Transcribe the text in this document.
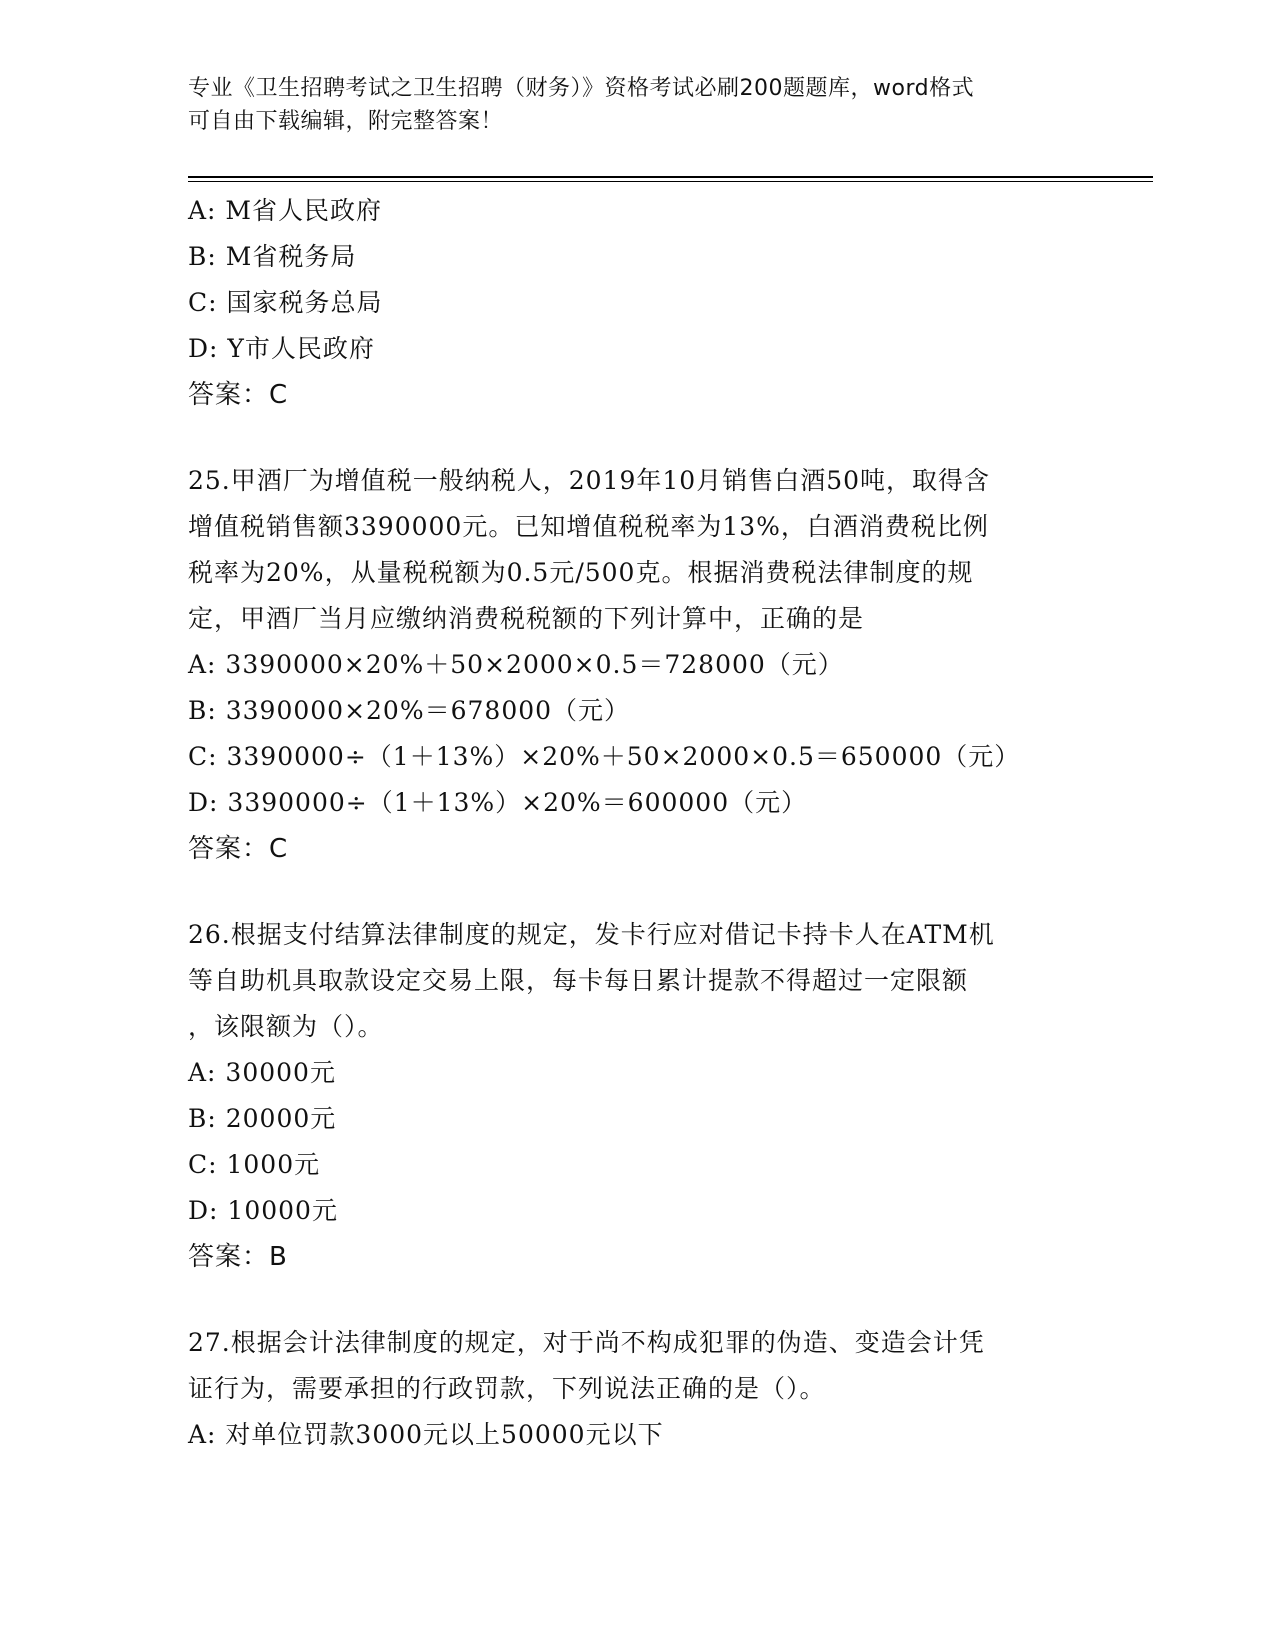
专业《卫生招聘考试之卫生招聘（财务）》资格考试必刷200题题库，word格式
可自由下载编辑，附完整答案！
A: M省人民政府
B: M省税务局
C: 国家税务总局
D: Y市人民政府
答案：C
25.甲酒厂为增值税一般纳税人，2019年10月销售白酒50吨，取得含
增值税销售额3390000元。已知增值税税率为13%，白酒消费税比例
税率为20%，从量税税额为0.5元/500克。根据消费税法律制度的规
定，甲酒厂当月应缴纳消费税税额的下列计算中，正确的是
A: 3390000×20%＋50×2000×0.5＝728000（元）
B: 3390000×20%＝678000（元）
C: 3390000÷（1＋13%）×20%＋50×2000×0.5＝650000（元）
D: 3390000÷（1＋13%）×20%＝600000（元）
答案：C
26.根据支付结算法律制度的规定，发卡行应对借记卡持卡人在ATM机
等自助机具取款设定交易上限，每卡每日累计提款不得超过一定限额
，该限额为（）。
A: 30000元
B: 20000元
C: 1000元
D: 10000元
答案：B
27.根据会计法律制度的规定，对于尚不构成犯罪的伪造、变造会计凭
证行为，需要承担的行政罚款，下列说法正确的是（）。
A: 对单位罚款3000元以上50000元以下
